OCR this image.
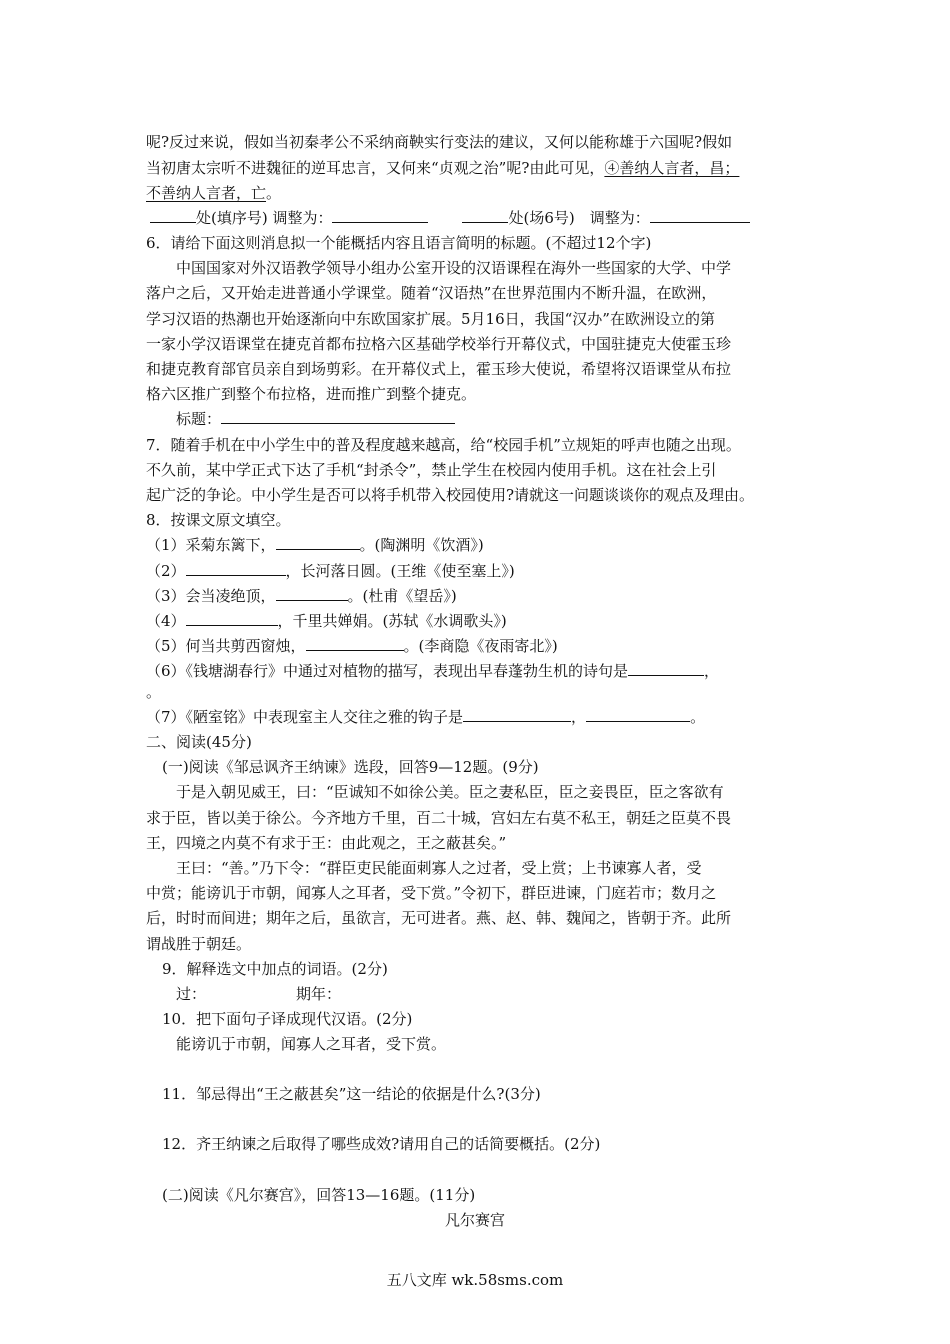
呢?反过来说，假如当初秦孝公不采纳商鞅实行变法的建议，又何以能称雄于六国呢?假如
当初唐太宗听不进魏征的逆耳忠言，又何来“贞观之治”呢?由此可见，④善纳人言者，昌；
不善纳人言者，亡。
处(填序号) 调整为：	处(场6号)　调整为：
6．请给下面这则消息拟一个能概括内容且语言简明的标题。(不超过12个字)
中国国家对外汉语教学领导小组办公室开设的汉语课程在海外一些国家的大学、中学
落户之后，又开始走进普通小学课堂。随着“汉语热”在世界范围内不断升温，在欧洲，
学习汉语的热潮也开始逐渐向中东欧国家扩展。5月16日，我国“汉办”在欧洲设立的第
一家小学汉语课堂在捷克首都布拉格六区基础学校举行开幕仪式，中国驻捷克大使霍玉珍
和捷克教育部官员亲自到场剪彩。在开幕仪式上，霍玉珍大使说，希望将汉语课堂从布拉
格六区推广到整个布拉格，进而推广到整个捷克。
标题：
7．随着手机在中小学生中的普及程度越来越高，给“校园手机”立规矩的呼声也随之出现。
不久前，某中学正式下达了手机“封杀令”，禁止学生在校园内使用手机。这在社会上引
起广泛的争论。中小学生是否可以将手机带入校园使用?请就这一问题谈谈你的观点及理由。
8．按课文原文填空。
（1）采菊东篱下，	。(陶渊明《饮酒》)
（2）	，长河落日圆。(王维《使至塞上》)
（3）会当凌绝顶，	。(杜甫《望岳》)
（4）	，千里共婵娟。(苏轼《水调歌头》)
（5）何当共剪西窗烛，	。(李商隐《夜雨寄北》)
（6）《钱塘湖春行》中通过对植物的描写，表现出早春蓬勃生机的诗句是	，
。
（7）《陋室铭》中表现室主人交往之雅的钩子是	，	。
二、阅读(45分)
(一)阅读《邹忌讽齐王纳谏》选段，回答9—12题。(9分)
于是入朝见威王，曰：“臣诚知不如徐公美。臣之妻私臣，臣之妾畏臣，臣之客欲有
求于臣，皆以美于徐公。今齐地方千里，百二十城，宫妇左右莫不私王，朝廷之臣莫不畏
王，四境之内莫不有求于王：由此观之，王之蔽甚矣。”
王曰：“善。”乃下令：“群臣吏民能面刺寡人之过者，受上赏；上书谏寡人者，受
中赏；能谤讥于市朝，闻寡人之耳者，受下赏。”令初下，群臣进谏，门庭若市；数月之
后，时时而间进；期年之后，虽欲言，无可进者。燕、赵、韩、魏闻之，皆朝于齐。此所
谓战胜于朝廷。
9．解释选文中加点的词语。(2分)
过：	期年：
10．把下面句子译成现代汉语。(2分)
能谤讥于市朝，闻寡人之耳者，受下赏。
11．邹忌得出“王之蔽甚矣”这一结论的依据是什么?(3分)
12．齐王纳谏之后取得了哪些成效?请用自己的话简要概括。(2分)
(二)阅读《凡尔赛宫》，回答13—16题。(11分)
凡尔赛宫
五八文库 wk.58sms.com
